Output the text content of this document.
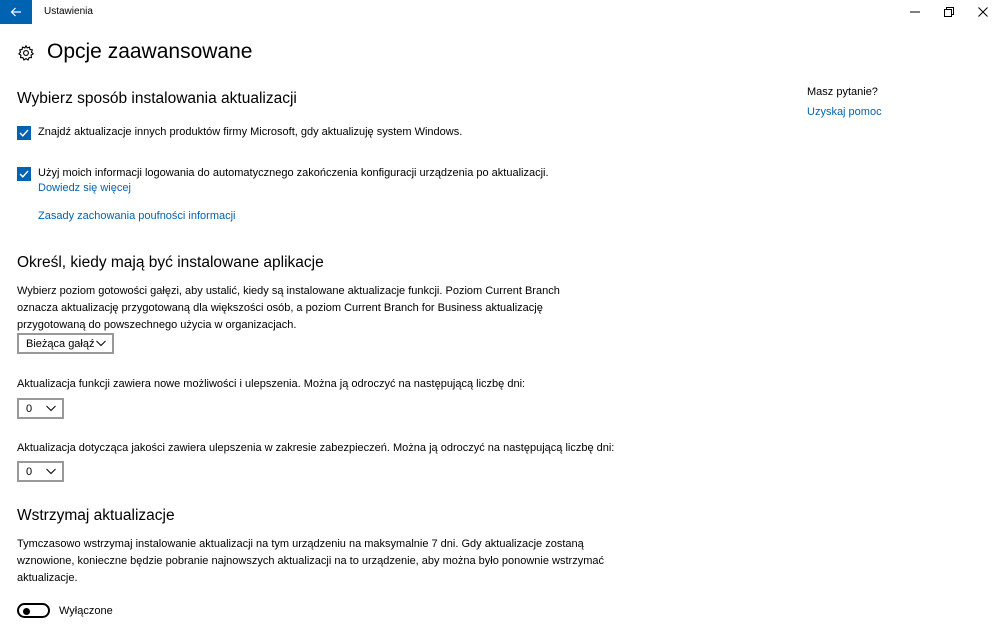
Ustawienia
Opcje zaawansowane
Wybierz sposób instalowania aktualizacji
Znajdź aktualizacje innych produktów firmy Microsoft, gdy aktualizuję system Windows.
Użyj moich informacji logowania do automatycznego zakończenia konfiguracji urządzenia po aktualizacji.
Dowiedz się więcej
Zasady zachowania poufności informacji
Określ, kiedy mają być instalowane aplikacje
Wybierz poziom gotowości gałęzi, aby ustalić, kiedy są instalowane aktualizacje funkcji. Poziom Current Branch oznacza aktualizację przygotowaną dla większości osób, a poziom Current Branch for Business aktualizację przygotowaną do powszechnego użycia w organizacjach.
Bieżąca gałąź
Aktualizacja funkcji zawiera nowe możliwości i ulepszenia. Można ją odroczyć na następującą liczbę dni:
0
Aktualizacja dotycząca jakości zawiera ulepszenia w zakresie zabezpieczeń. Można ją odroczyć na następującą liczbę dni:
0
Wstrzymaj aktualizacje
Tymczasowo wstrzymaj instalowanie aktualizacji na tym urządzeniu na maksymalnie 7 dni. Gdy aktualizacje zostaną wznowione, konieczne będzie pobranie najnowszych aktualizacji na to urządzenie, aby można było ponownie wstrzymać aktualizacje.
Wyłączone
Masz pytanie?
Uzyskaj pomoc
